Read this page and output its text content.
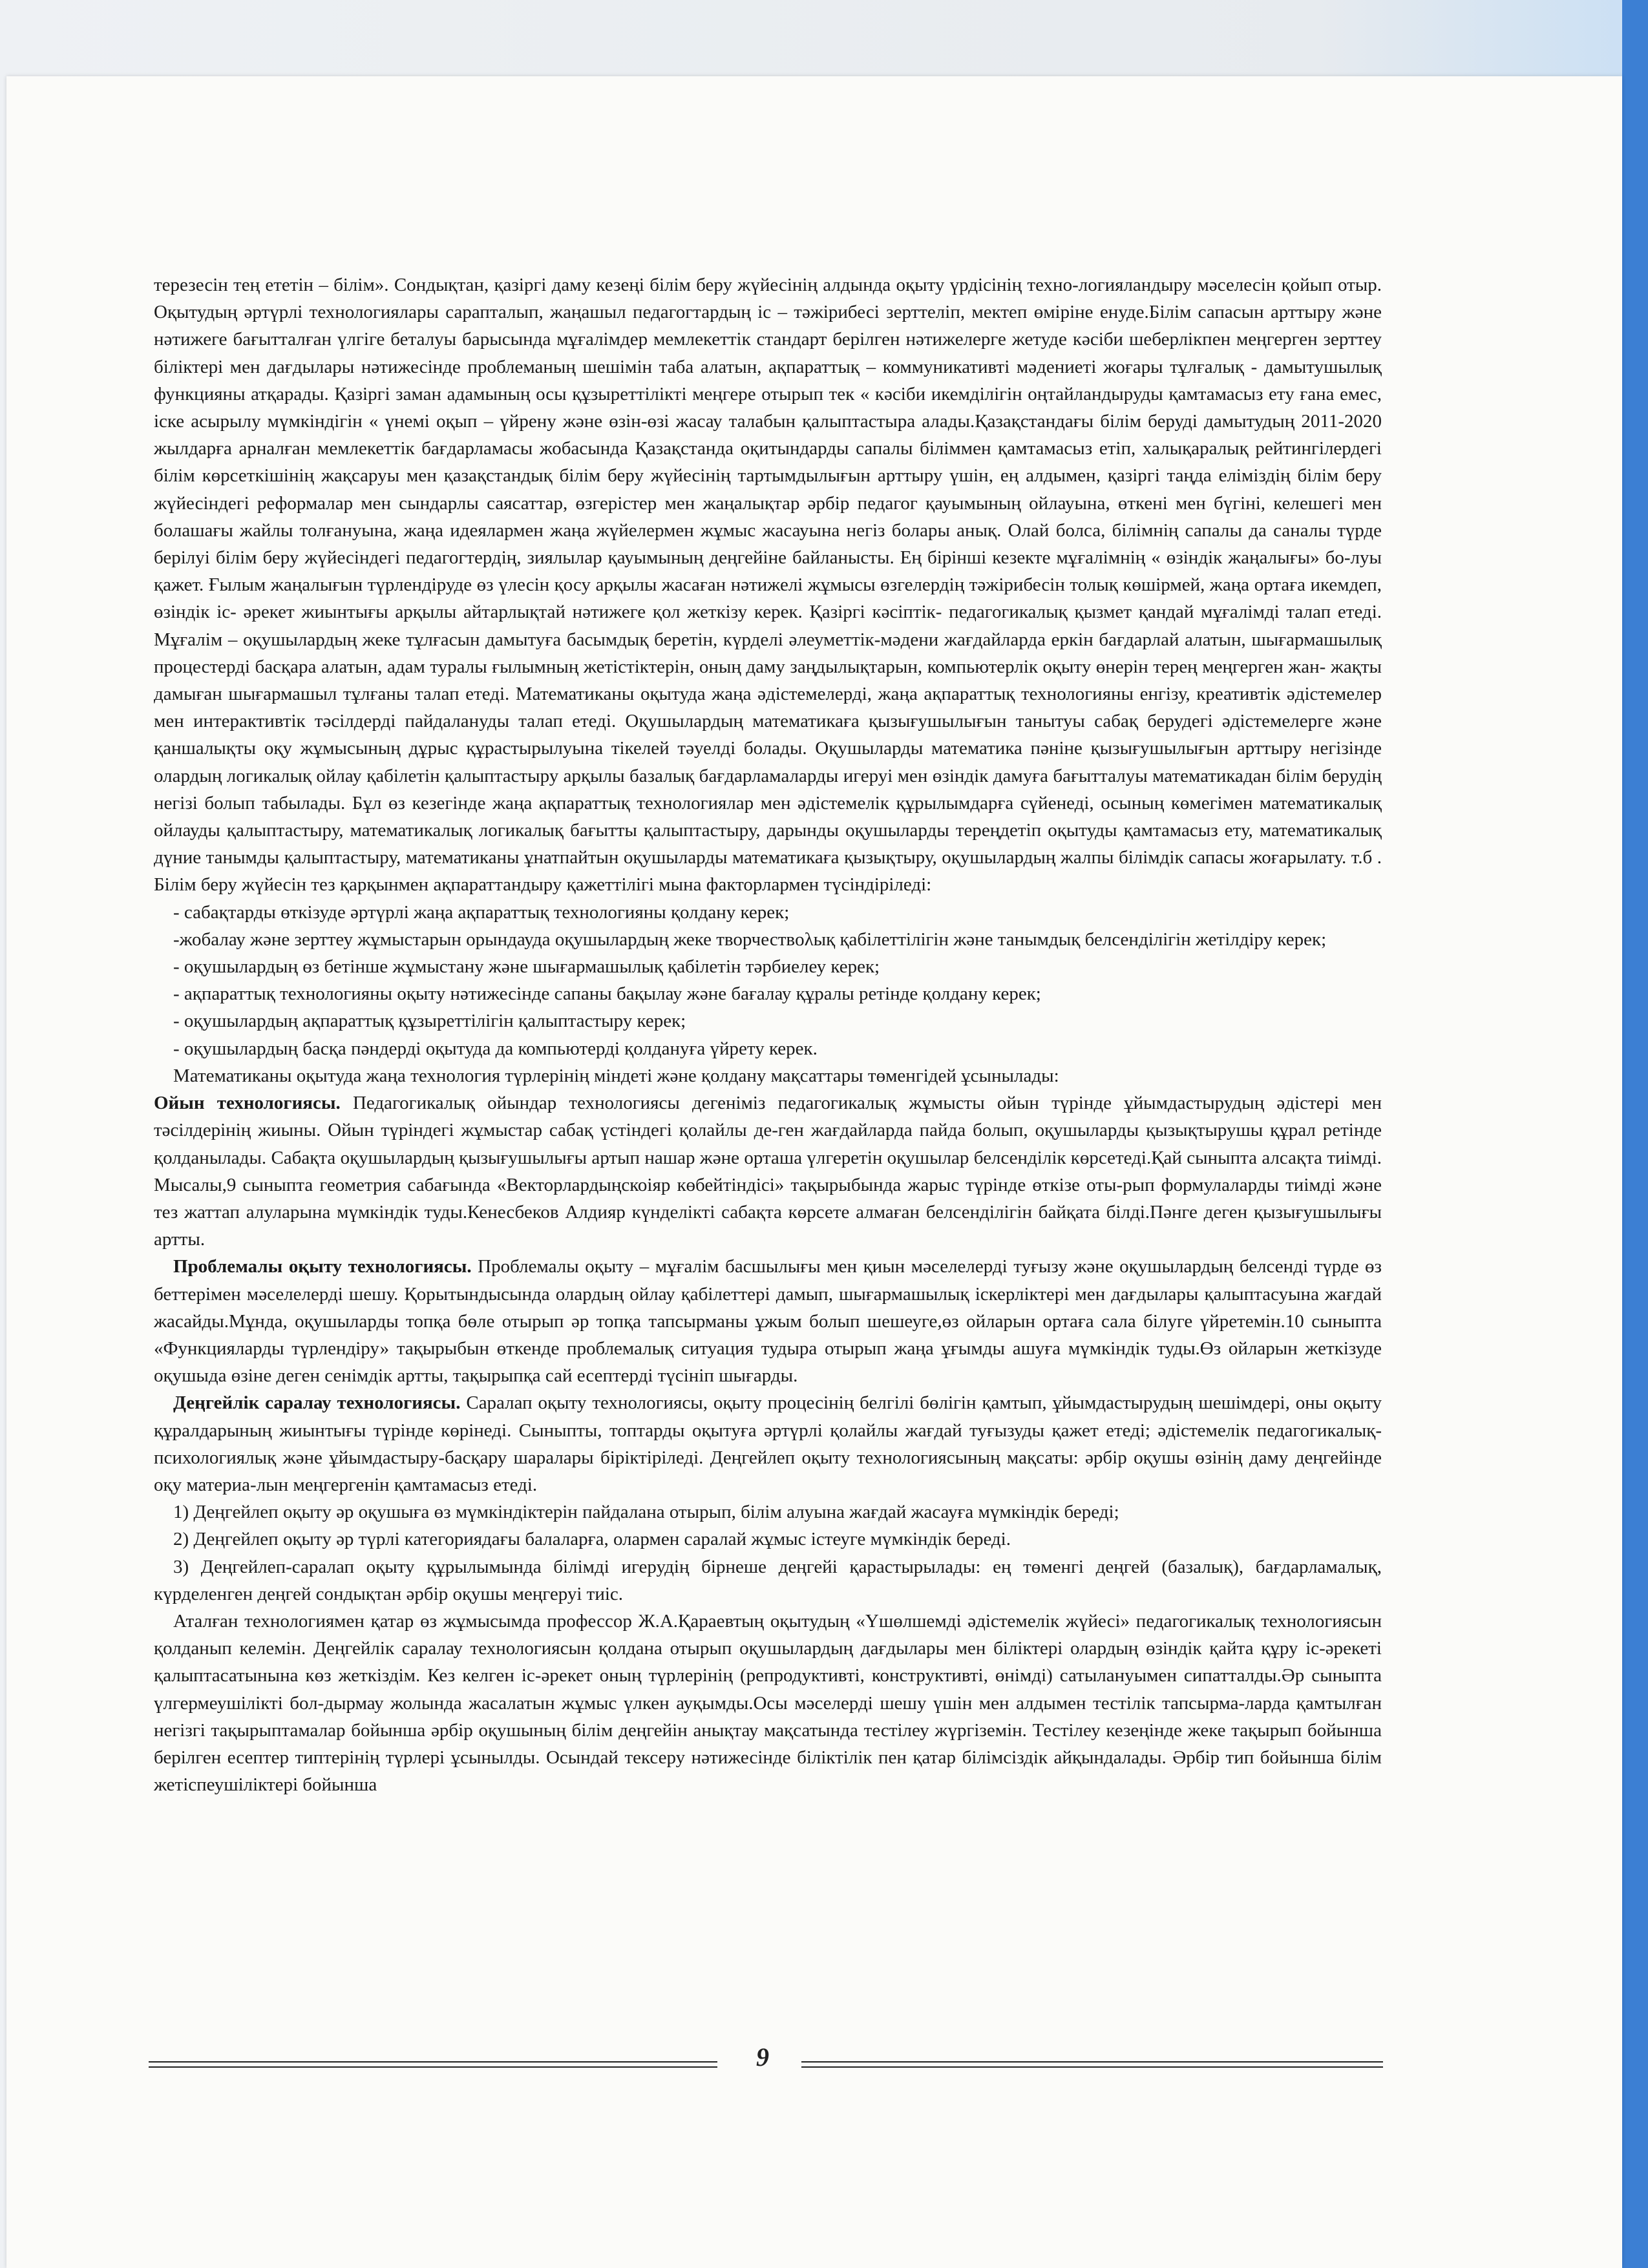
терезесін тең ететін – білім». Сондықтан, қазіргі даму кезеңі білім беру жүйесінің алдында оқыту үрдісінің техно-логияландыру мәселесін қойып отыр. Оқытудың әртүрлі технологиялары сарапталып, жаңашыл педагогтардың іс – тәжірибесі зерттеліп, мектеп өміріне енуде.Білім сапасын арттыру және нәтижеге бағытталған үлгіге беталуы барысында мұғалімдер мемлекеттік стандарт берілген нәтижелерге жетуде кәсіби шеберлікпен меңгерген зерттеу біліктері мен дағдылары нәтижесінде проблеманың шешімін таба алатын, ақпараттық – коммуникативті мәдениеті жоғары тұлғалық - дамытушылық функцияны атқарады. Қазіргі заман адамының осы құзыреттілікті меңгере отырып тек « кәсіби икемділігін оңтайландыруды қамтамасыз ету ғана емес, іске асырылу мүмкіндігін « үнемі оқып – үйрену және өзін-өзі жасау талабын қалыптастыра алады.Қазақстандағы білім беруді дамытудың 2011-2020 жылдарға арналған мемлекеттік бағдарламасы жобасында Қазақстанда оқитындарды сапалы біліммен қамтамасыз етіп, халықаралық рейтингілердегі білім көрсеткішінің жақсаруы мен қазақстандық білім беру жүйесінің тартымдылығын арттыру үшін, ең алдымен, қазіргі таңда еліміздің білім беру жүйесіндегі реформалар мен сындарлы саясаттар, өзгерістер мен жаңалықтар әрбір педагог қауымының ойлауына, өткені мен бүгіні, келешегі мен болашағы жайлы толғануына, жаңа идеялармен жаңа жүйелермен жұмыс жасауына негіз болары анық. Олай болса, білімнің сапалы да саналы түрде берілуі білім беру жүйесіндегі педагогтердің, зиялылар қауымының деңгейіне байланысты. Ең бірінші кезекте мұғалімнің « өзіндік жаңалығы» бо-луы қажет. Ғылым жаңалығын түрлендіруде өз үлесін қосу арқылы жасаған нәтижелі жұмысы өзгелердің тәжірибесін толық көшірмей, жаңа ортаға икемдеп, өзіндік іс- әрекет жиынтығы арқылы айтарлықтай нәтижеге қол жеткізу керек. Қазіргі кәсіптік- педагогикалық қызмет қандай мұғалімді талап етеді. Мұғалім – оқушылардың жеке тұлғасын дамытуға басымдық беретін, күрделі әлеуметтік-мәдени жағдайларда еркін бағдарлай алатын, шығармашылық процестерді басқара алатын, адам туралы ғылымның жетістіктерін, оның даму заңдылықтарын, компьютерлік оқыту өнерін терең меңгерген жан- жақты дамыған шығармашыл тұлғаны талап етеді. Математиканы оқытуда жаңа әдістемелерді, жаңа ақпараттық технологияны енгізу, креативтік әдістемелер мен интерактивтік тәсілдерді пайдалануды талап етеді. Оқушылардың математикаға қызығушылығын танытуы сабақ берудегі әдістемелерге және қаншалықты оқу жұмысының дұрыс құрастырылуына тікелей тәуелді болады. Оқушыларды математика пәніне қызығушылығын арттыру негізінде олардың логикалық ойлау қабілетін қалыптастыру арқылы базалық бағдарламаларды игеруі мен өзіндік дамуға бағытталуы математикадан білім берудің негізі болып табылады. Бұл өз кезегінде жаңа ақпараттық технологиялар мен әдістемелік құрылымдарға сүйенеді, осының көмегімен математикалық ойлауды қалыптастыру, математикалық логикалық бағытты қалыптастыру, дарынды оқушыларды тереңдетіп оқытуды қамтамасыз ету, математикалық дүние танымды қалыптастыру, математиканы ұнатпайтын оқушыларды математикаға қызықтыру, оқушылардың жалпы білімдік сапасы жоғарылату. т.б . Білім беру жүйесін тез қарқынмен ақпараттандыру қажеттілігі мына факторлармен түсіндіріледі:

- сабақтарды өткізуде әртүрлі жаңа ақпараттық технологияны қолдану керек;

-жобалау және зерттеу жұмыстарын орындауда оқушылардың жеке творчествολық қабілеттілігін және танымдық белсенділігін жетілдіру керек;

- оқушылардың өз бетінше жұмыстану және шығармашылық қабілетін тәрбиелеу керек;

- ақпараттық технологияны оқыту нәтижесінде сапаны бақылау және бағалау құралы ретінде қолдану керек;

- оқушылардың ақпараттық құзыреттілігін қалыптастыру керек;

- оқушылардың басқа пәндерді оқытуда да компьютерді қолдануға үйрету керек.

Математиканы оқытуда жаңа технология түрлерінің міндеті және қолдану мақсаттары төменгідей ұсынылады:

Ойын технологиясы. Педагогикалық ойындар технологиясы дегеніміз педагогикалық жұмысты ойын түрінде ұйымдастырудың әдістері мен тәсілдерінің жиыны. Ойын түріндегі жұмыстар сабақ үстіндегі қолайлы де-ген жағдайларда пайда болып, оқушыларды қызықтырушы құрал ретінде қолданылады. Сабақта оқушылардың қызығушылығы артып нашар және орташа үлгеретін оқушылар белсенділік көрсетеді.Қай сыныпта алсақта тиімді. Мысалы,9 сыныпта геометрия сабағында «Векторлардыңскоіяр көбейтіндісі» тақырыбында жарыс түрінде өткізе оты-рып формулаларды тиімді және тез жаттап алуларына мүмкіндік туды.Кенесбеков Алдияр күнделікті сабақта көрсете алмаған белсенділігін байқата білді.Пәнге деген қызығушылығы артты.

Проблемалы оқыту технологиясы. Проблемалы оқыту – мұғалім басшылығы мен қиын мәселелерді туғызу және оқушылардың белсенді түрде өз беттерімен мәселелерді шешу. Қорытындысында олардың ойлау қабілеттері дамып, шығармашылық іскерліктері мен дағдылары қалыптасуына жағдай жасайды.Мұнда, оқушыларды топқа бөле отырып әр топқа тапсырманы ұжым болып шешеуге,өз ойларын ортаға сала білуге үйретемін.10 сыныпта «Функцияларды түрлендіру» тақырыбын өткенде проблемалық ситуация тудыра отырып жаңа ұғымды ашуға мүмкіндік туды.Өз ойларын жеткізуде оқушыда өзіне деген сенімдік артты, тақырыпқа сай есептерді түсініп шығарды.

Деңгейлік саралау технологиясы. Саралап оқыту технологиясы, оқыту процесінің белгілі бөлігін қамтып, ұйымдастырудың шешімдері, оны оқыту құралдарының жиынтығы түрінде көрінеді. Сыныпты, топтарды оқытуға әртүрлі қолайлы жағдай туғызуды қажет етеді; әдістемелік педагогикалық-психологиялық және ұйымдастыру-басқару шаралары біріктіріледі. Деңгейлеп оқыту технологиясының мақсаты: әрбір оқушы өзінің даму деңгейінде оқу материа-лын меңгергенін қамтамасыз етеді.

1) Деңгейлеп оқыту әр оқушыға өз мүмкіндіктерін пайдалана отырып, білім алуына жағдай жасауға мүмкіндік береді;

2) Деңгейлеп оқыту әр түрлі категориядағы балаларға, олармен саралай жұмыс істеуге мүмкіндік береді.

3) Деңгейлеп-саралап оқыту құрылымында білімді игерудің бірнеше деңгейі қарастырылады: ең төменгі деңгей (базалық), бағдарламалық, күрделенген деңгей сондықтан әрбір оқушы меңгеруі тиіс.

Аталған технологиямен қатар өз жұмысымда профессор Ж.А.Қараевтың оқытудың «Үшөлшемді әдістемелік жүйесі» педагогикалық технологиясын қолданып келемін. Деңгейлік саралау технологиясын қолдана отырып оқушылардың дағдылары мен біліктері олардың өзіндік қайта құру іс-әрекеті қалыптасатынына көз жеткіздім. Кез келген іс-әрекет оның түрлерінің (репродуктивті, конструктивті, өнімді) сатылануымен сипатталды.Әр сыныпта үлгермеушілікті бол-дырмау жолында жасалатын жұмыс үлкен ауқымды.Осы мәселерді шешу үшін мен алдымен тестілік тапсырма-ларда қамтылған негізгі тақырыптамалар бойынша әрбір оқушының білім деңгейін анықтау мақсатында тестілеу жүргіземін. Тестілеу кезеңінде жеке тақырып бойынша берілген есептер типтерінің түрлері ұсынылды. Осындай тексеру нәтижесінде біліктілік пен қатар білімсіздік айқындалады. Әрбір тип бойынша білім жетіспеушіліктері бойынша

9
